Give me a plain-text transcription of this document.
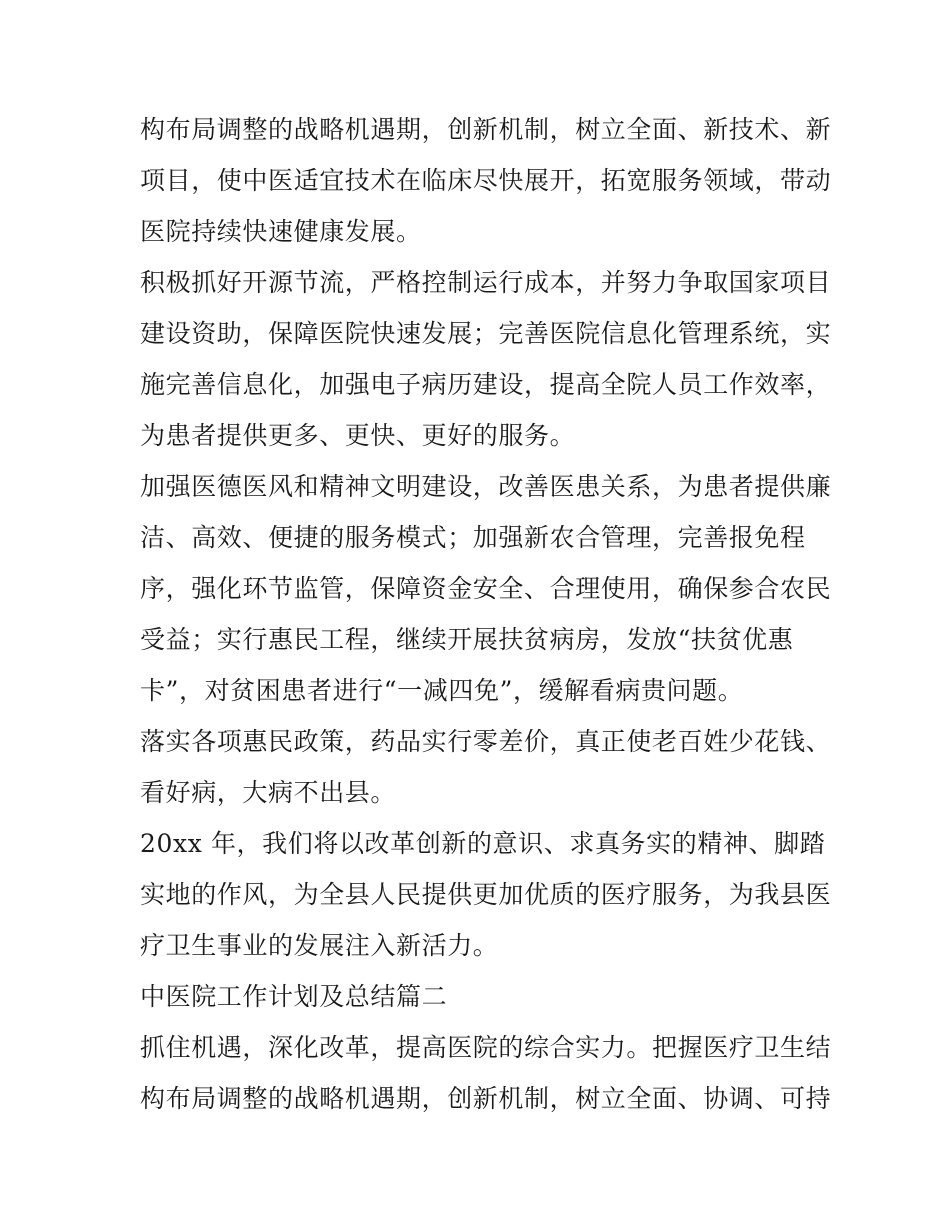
构布局调整的战略机遇期，创新机制，树立全面、新技术、新
项目，使中医适宜技术在临床尽快展开，拓宽服务领域，带动
医院持续快速健康发展。
积极抓好开源节流，严格控制运行成本，并努力争取国家项目
建设资助，保障医院快速发展；完善医院信息化管理系统，实
施完善信息化，加强电子病历建设，提高全院人员工作效率，
为患者提供更多、更快、更好的服务。
加强医德医风和精神文明建设，改善医患关系，为患者提供廉
洁、高效、便捷的服务模式；加强新农合管理，完善报免程
序，强化环节监管，保障资金安全、合理使用，确保参合农民
受益；实行惠民工程，继续开展扶贫病房，发放“扶贫优惠
卡”，对贫困患者进行“一减四免”，缓解看病贵问题。
落实各项惠民政策，药品实行零差价，真正使老百姓少花钱、
看好病，大病不出县。
20xx 年，我们将以改革创新的意识、求真务实的精神、脚踏
实地的作风，为全县人民提供更加优质的医疗服务，为我县医
疗卫生事业的发展注入新活力。
中医院工作计划及总结篇二
抓住机遇，深化改革，提高医院的综合实力。把握医疗卫生结
构布局调整的战略机遇期，创新机制，树立全面、协调、可持
